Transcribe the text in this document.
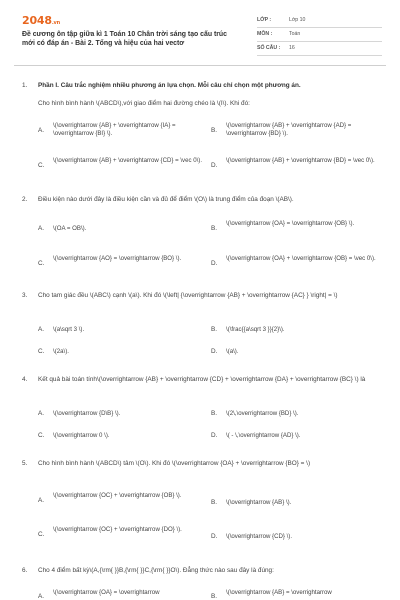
2048.vn
Đề cương ôn tập giữa kì 1 Toán 10 Chân trời sáng tạo cấu trúc mới có đáp án - Bài 2. Tổng và hiệu của hai vectơ
LỚP :	Lớp 10
MÔN :	Toán
SỐ CÂU : 16
1. Phần I. Câu trắc nghiệm nhiều phương án lựa chọn. Mỗi câu chỉ chọn một phương án.
Cho hình bình hành \(ABCD\),với giao điểm hai đường chéo là \(I\). Khi đó:
A.
\(\overrightarrow {AB} + \overrightarrow {IA} = \overrightarrow {BI} \).	B.
\(\overrightarrow {AB} + \overrightarrow {AD} = \overrightarrow {BD} \).
C.
\(\overrightarrow {AB} + \overrightarrow {CD} = \vec 0\).
D.
\(\overrightarrow {AB} + \overrightarrow {BD} = \vec 0\).
2. Điều kiện nào dưới đây là điều kiện cần và đủ để điểm \(O\) là trung điểm của đoạn \(AB\).
A. \(OA = OB\).	B.
\(\overrightarrow {OA} = \overrightarrow {OB} \).
C.
\(\overrightarrow {AO} = \overrightarrow {BO} \).
D.
\(\overrightarrow {OA} + \overrightarrow {OB} = \vec 0\).
3. Cho tam giác đều \(ABC\) cạnh \(a\). Khi đó \(\left| {\overrightarrow {AB} + \overrightarrow {AC} } \right| = \)
A. \(a\sqrt 3 \).	B. \(\frac{{a\sqrt 3 }}{2}\).
C. \(2a\).	D. \(a\).
4. Kết quả bài toán tính\(\overrightarrow {AB} + \overrightarrow {CD} + \overrightarrow {DA} + \overrightarrow {BC} \) là
A. \(\overrightarrow {D\B} \).	B. \(2\,\overrightarrow {BD} \).
C. \(\overrightarrow 0 \).	D. \( - \,\overrightarrow {AD} \).
5. Cho hình bình hành \(ABCD\) tâm \(O\). Khi đó \(\overrightarrow {OA} + \overrightarrow {BO} = \)
A.
\(\overrightarrow {OC} + \overrightarrow {OB} \).
B. \(\overrightarrow {AB} \).
C.
\(\overrightarrow {OC} + \overrightarrow {DO} \).
D. \(\overrightarrow {CD} \).
6. Cho 4 điểm bất kỳ\(A,{\rm{ }}B,{\rm{ }}C,{\rm{ }}O\). Đẳng thức nào sau đây là đúng:
A.
\(\overrightarrow {OA} = \overrightarrow
B.
\(\overrightarrow {AB} = \overrightarrow
